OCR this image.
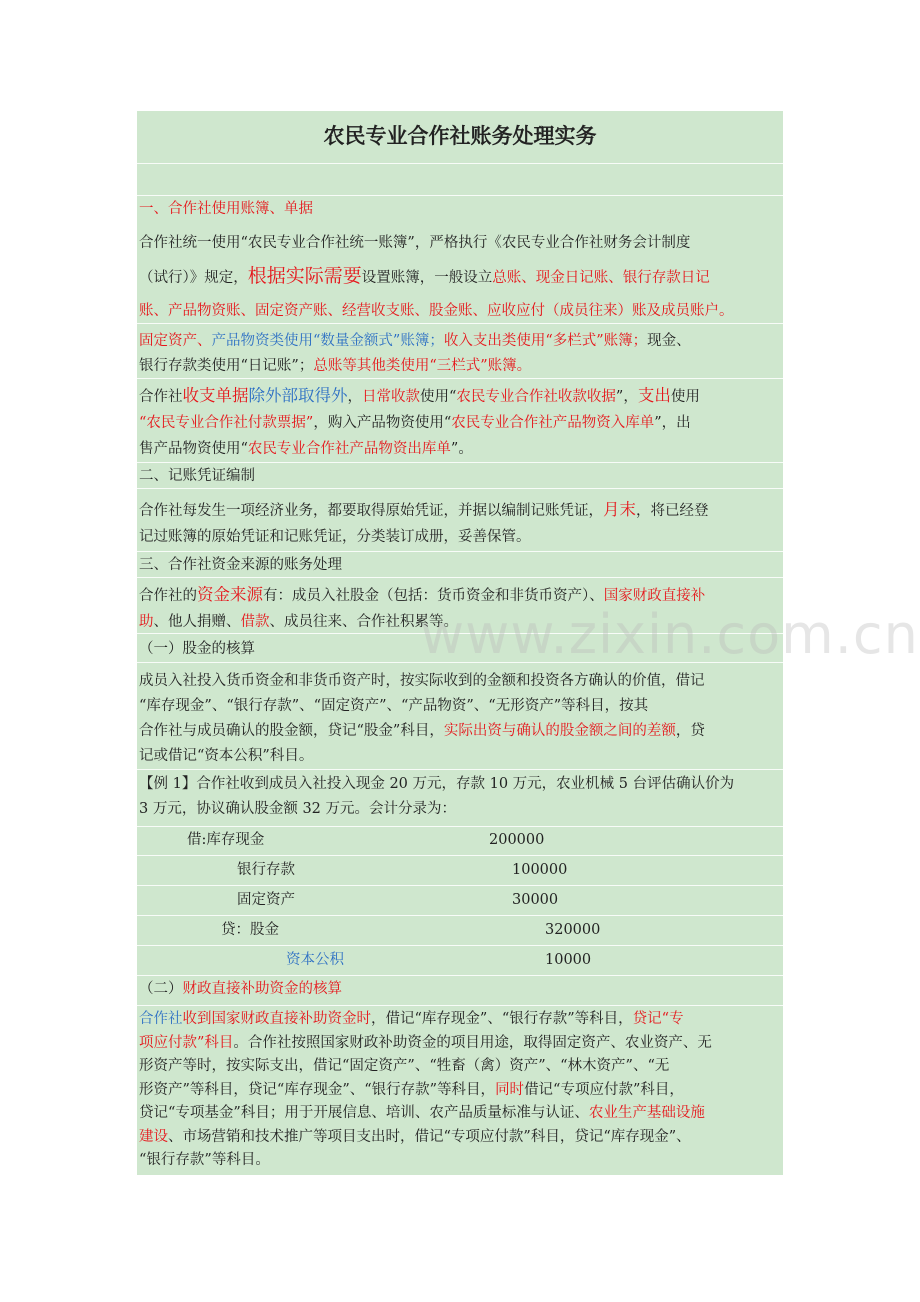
农民专业合作社账务处理实务
一、合作社使用账簿、单据
合作社统一使用“农民专业合作社统一账簿”，严格执行《农民专业合作社财务会计制度
（试行）》规定，根据实际需要设置账簿，一般设立总账、现金日记账、银行存款日记
账、产品物资账、固定资产账、经营收支账、股金账、应收应付（成员往来）账及成员账户。
固定资产、产品物资类使用“数量金额式”账簿；收入支出类使用“多栏式”账簿；现金、
银行存款类使用“日记账”；总账等其他类使用“三栏式”账簿。
合作社收支单据除外部取得外，日常收款使用“农民专业合作社收款收据”，支出使用
“农民专业合作社付款票据”，购入产品物资使用“农民专业合作社产品物资入库单”，出
售产品物资使用“农民专业合作社产品物资出库单”。
二、记账凭证编制
合作社每发生一项经济业务，都要取得原始凭证，并据以编制记账凭证，月末，将已经登
记过账簿的原始凭证和记账凭证，分类装订成册，妥善保管。
三、合作社资金来源的账务处理
合作社的资金来源有：成员入社股金（包括：货币资金和非货币资产）、国家财政直接补
助、他人捐赠、借款、成员往来、合作社积累等。
（一）股金的核算
成员入社投入货币资金和非货币资产时，按实际收到的金额和投资各方确认的价值，借记
“库存现金”、“银行存款”、“固定资产”、“产品物资”、“无形资产”等科目，按其
合作社与成员确认的股金额，贷记“股金”科目，实际出资与确认的股金额之间的差额，贷
记或借记“资本公积”科目。
【例 1】合作社收到成员入社投入现金 20 万元，存款 10 万元，农业机械 5 台评估确认价为
3 万元，协议确认股金额 32 万元。会计分录为：
借:库存现金	200000
银行存款	100000
固定资产	30000
贷：股金	320000
资本公积	10000
（二）财政直接补助资金的核算
合作社收到国家财政直接补助资金时，借记“库存现金”、“银行存款”等科目，贷记“专
项应付款”科目。合作社按照国家财政补助资金的项目用途，取得固定资产、农业资产、无
形资产等时，按实际支出，借记“固定资产”、“牲畜（禽）资产”、“林木资产”、“无
形资产”等科目，贷记“库存现金”、“银行存款”等科目，同时借记“专项应付款”科目，
贷记“专项基金”科目；用于开展信息、培训、农产品质量标准与认证、农业生产基础设施
建设、市场营销和技术推广等项目支出时，借记“专项应付款”科目，贷记“库存现金”、
“银行存款”等科目。
www.zixin.com.cn
